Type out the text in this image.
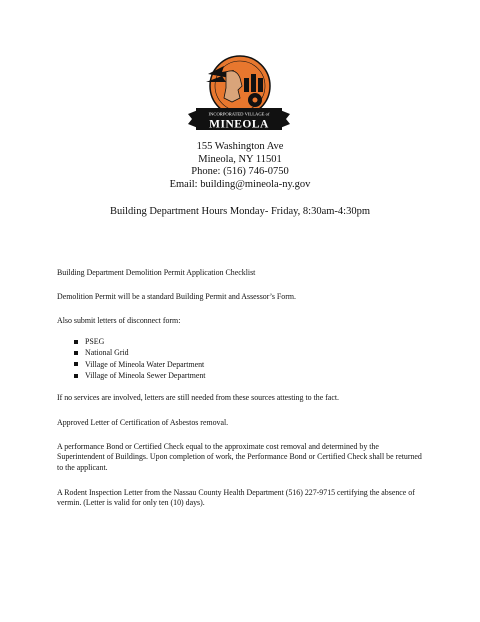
INCORPORATED VILLAGE of
MINEOLA
155 Washington Ave
Mineola, NY 11501
Phone: (516) 746-0750
Email: building@mineola-ny.gov
Building Department Hours Monday- Friday, 8:30am-4:30pm
Building Department Demolition Permit Application Checklist
Demolition Permit will be a standard Building Permit and Assessor’s Form.
Also submit letters of disconnect form:
PSEG
National Grid
Village of Mineola Water Department
Village of Mineola Sewer Department
If no services are involved, letters are still needed from these sources attesting to the fact.
Approved Letter of Certification of Asbestos removal.
A performance Bond or Certified Check equal to the approximate cost removal and determined by the Superintendent of Buildings. Upon completion of work, the Performance Bond or Certified Check shall be returned to the applicant.
A Rodent Inspection Letter from the Nassau County Health Department (516) 227-9715 certifying the absence of vermin. (Letter is valid for only ten (10) days).
